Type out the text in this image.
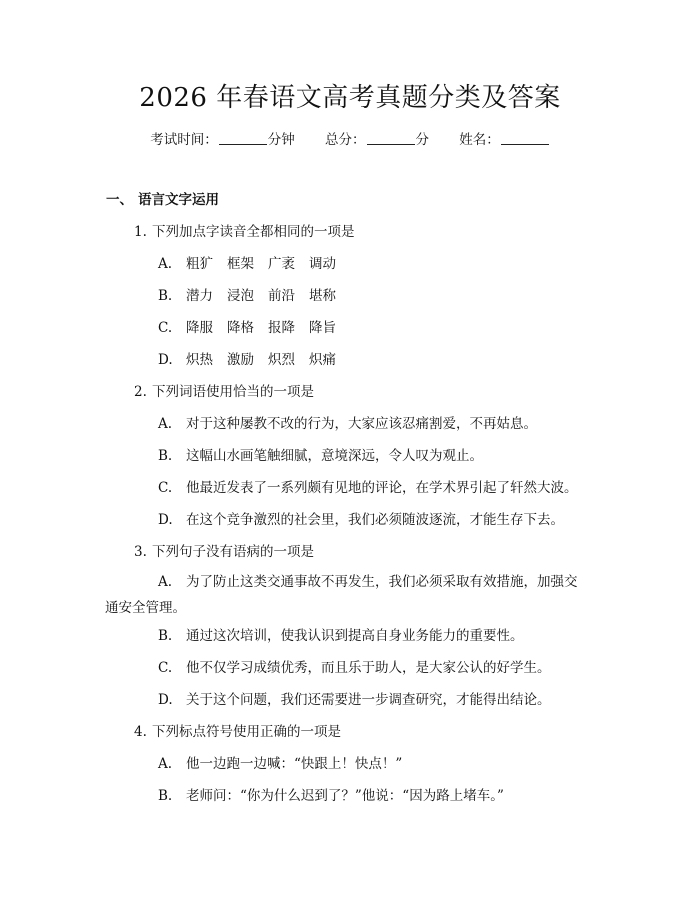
2026 年春语文高考真题分类及答案
考试时间：	分钟 总分：	分 姓名：
一、 语言文字运用
1. 下列加点字读音全都相同的一项是
A. 粗犷 框架 广袤 调动
B. 潜力 浸泡 前沿 堪称
C. 降服 降格 报降 降旨
D. 炽热 激励 炽烈 炽痛
2. 下列词语使用恰当的一项是
A. 对于这种屡教不改的行为，大家应该忍痛割爱，不再姑息。
B. 这幅山水画笔触细腻，意境深远，令人叹为观止。
C. 他最近发表了一系列颇有见地的评论，在学术界引起了轩然大波。
D. 在这个竞争激烈的社会里，我们必须随波逐流，才能生存下去。
3. 下列句子没有语病的一项是
A. 为了防止这类交通事故不再发生，我们必须采取有效措施，加强交通安全管理。
B. 通过这次培训，使我认识到提高自身业务能力的重要性。
C. 他不仅学习成绩优秀，而且乐于助人，是大家公认的好学生。
D. 关于这个问题，我们还需要进一步调查研究，才能得出结论。
4. 下列标点符号使用正确的一项是
A. 他一边跑一边喊：“快跟上！快点！”
B. 老师问：“你为什么迟到了？”他说：“因为路上堵车。”
